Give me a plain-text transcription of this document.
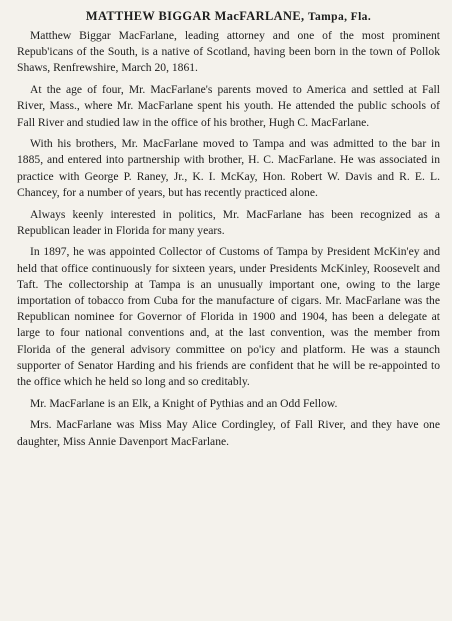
MATTHEW BIGGAR MacFARLANE, Tampa, Fla.

Matthew Biggar MacFarlane, leading attorney and one of the most prominent Repub'icans of the South, is a native of Scotland, having been born in the town of Pollok Shaws, Renfrewshire, March 20, 1861.

At the age of four, Mr. MacFarlane's parents moved to America and settled at Fall River, Mass., where Mr. MacFarlane spent his youth. He attended the public schools of Fall River and studied law in the office of his brother, Hugh C. MacFarlane.

With his brothers, Mr. MacFarlane moved to Tampa and was admitted to the bar in 1885, and entered into partnership with brother, H. C. MacFarlane. He was associated in practice with George P. Raney, Jr., K. I. McKay, Hon. Robert W. Davis and R. E. L. Chancey, for a number of years, but has recently practiced alone.

Always keenly interested in politics, Mr. MacFarlane has been recognized as a Republican leader in Florida for many years.

In 1897, he was appointed Collector of Customs of Tampa by President McKin'ey and held that office continuously for sixteen years, under Presidents McKinley, Roosevelt and Taft. The collectorship at Tampa is an unusually important one, owing to the large importation of tobacco from Cuba for the manufacture of cigars. Mr. MacFarlane was the Republican nominee for Governor of Florida in 1900 and 1904, has been a delegate at large to four national conventions and, at the last convention, was the member from Florida of the general advisory committee on po'icy and platform. He was a staunch supporter of Senator Harding and his friends are confident that he will be re-appointed to the office which he held so long and so creditably.

Mr. MacFarlane is an Elk, a Knight of Pythias and an Odd Fellow.

Mrs. MacFarlane was Miss May Alice Cordingley, of Fall River, and they have one daughter, Miss Annie Davenport MacFarlane.
